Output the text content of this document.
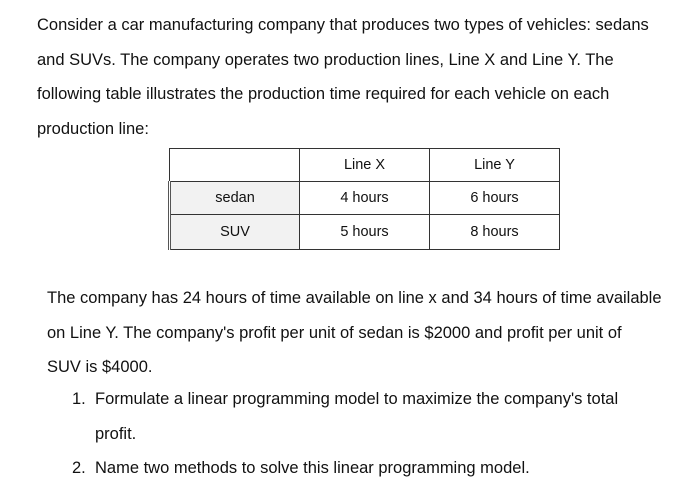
Consider a car manufacturing company that produces two types of vehicles: sedans
and SUVs. The company operates two production lines, Line X and Line Y. The
following table illustrates the production time required for each vehicle on each
production line:
	Line X	Line Y
sedan	4 hours	6 hours
SUV	5 hours	8 hours
The company has 24 hours of time available on line x and 34 hours of time available
on Line Y. The company's profit per unit of sedan is $2000 and profit per unit of
SUV is $4000.
1. Formulate a linear programming model to maximize the company's total
profit.
2. Name two methods to solve this linear programming model.
